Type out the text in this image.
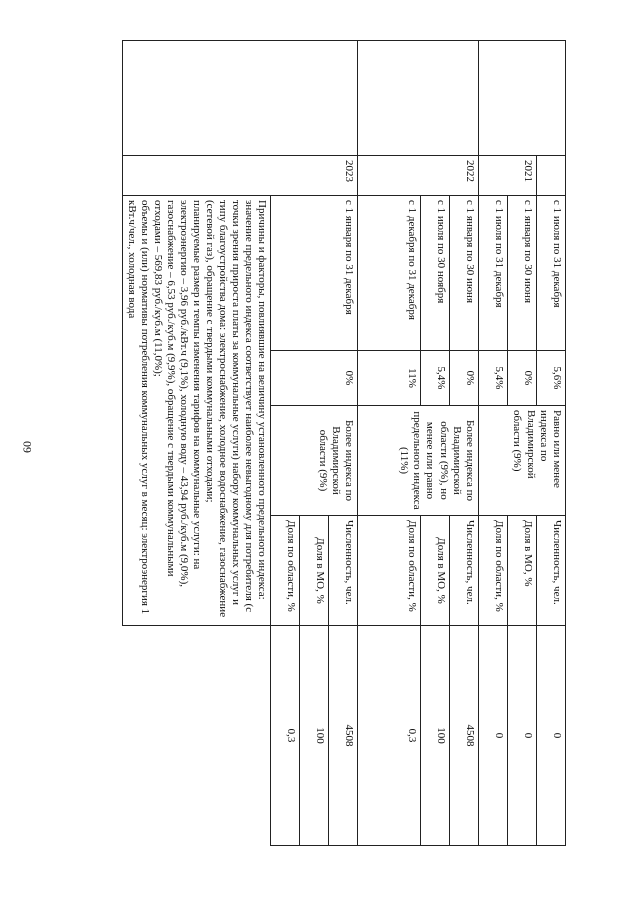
60
		с 1 июля по 31 декабря	5,6%	Равно или менее индекса по Владимирской области (9%)	Численность, чел.	0
	2021	с 1 января по 30 июня	0%		Доля в МО, %	0
		с 1 июля по 31 декабря	5,4%		Доля по области, %	0
	2022	с 1 января по 30 июня	0%	Более индекса по Владимирской области (9%), но менее или равно предельного индекса (11%)	Численность, чел.	4508
		с 1 июля по 30 ноября	5,4%		Доля в МО, %	100
		с 1 декабря по 31 декабря	11%		Доля по области, %	0,3
	2023	с 1 января по 31 декабря	0%	Более индекса по Владимирской области (9%)	Численность, чел.	4508
					Доля в МО, %	100
					Доля по области, %	0,3

		Причины и факторы, повлиявшие на величину установленного предельного индекса:
значение предельного индекса соответствует наиболее невыгодному для потребителя (с точки зрения прироста платы за коммунальные услуги) набору коммунальных услуг и типу благоустройства дома: электроснабжение, холодное водоснабжение, газоснабжение (сетевой газ), обращение с твердыми коммунальными отходами;
планируемые размер и темпы изменения тарифов на коммунальные услуги: на электроэнергию – 3,96 руб./кВт.ч (9,1%), холодную воду – 43,94 руб./куб.м (9,0%), газоснабжение – 6,53 руб./куб.м (9,9%), обращение с твердыми коммунальными отходами – 569,83 руб./куб.м (11,0%);
объемы и (или) нормативы потребления коммунальных услуг в месяц: электроэнергия 1 кВт.ч/чел., холодная вода				
